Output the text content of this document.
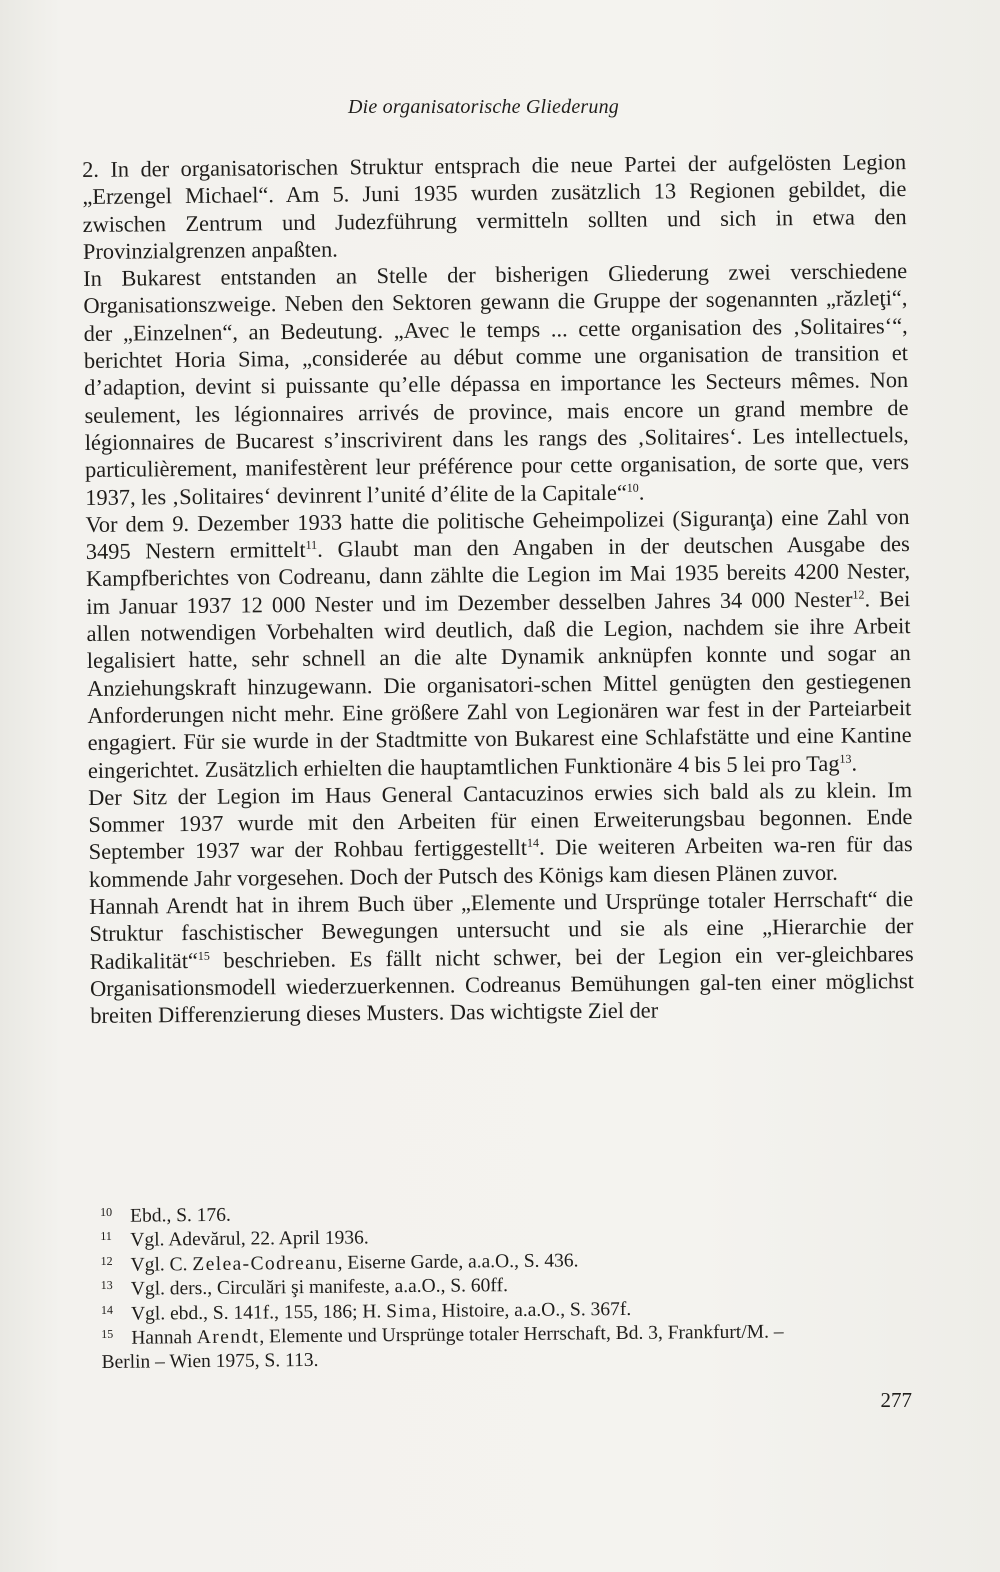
Die organisatorische Gliederung

2. In der organisatorischen Struktur entsprach die neue Partei der aufgelösten Legion „Erzengel Michael“. Am 5. Juni 1935 wurden zusätzlich 13 Regionen gebildet, die zwischen Zentrum und Judezführung vermitteln sollten und sich in etwa den Provinzialgrenzen anpaßten.

In Bukarest entstanden an Stelle der bisherigen Gliederung zwei verschiedene Organisationszweige. Neben den Sektoren gewann die Gruppe der sogenannten „răzleţi“, der „Einzelnen“, an Bedeutung. „Avec le temps ... cette organisation des ‚Solitaires‘“, berichtet Horia Sima, „considerée au début comme une organisation de transition et d’adaption, devint si puissante qu’elle dépassa en importance les Secteurs mêmes. Non seulement, les légionnaires arrivés de province, mais encore un grand membre de légionnaires de Bucarest s’inscrivirent dans les rangs des ‚Solitaires‘. Les intellectuels, particulièrement, manifestèrent leur préférence pour cette organisation, de sorte que, vers 1937, les ‚Solitaires‘ devinrent l’unité d’élite de la Capitale“$^{10}$.

Vor dem 9. Dezember 1933 hatte die politische Geheimpolizei (Siguranţa) eine Zahl von 3495 Nestern ermittelt$^{11}$. Glaubt man den Angaben in der deutschen Ausgabe des Kampfberichtes von Codreanu, dann zählte die Legion im Mai 1935 bereits 4200 Nester, im Januar 1937 12 000 Nester und im Dezember desselben Jahres 34 000 Nester$^{12}$. Bei allen notwendigen Vorbehalten wird deutlich, daß die Legion, nachdem sie ihre Arbeit legalisiert hatte, sehr schnell an die alte Dynamik anknüpfen konnte und sogar an Anziehungskraft hinzugewann. Die organisatori-schen Mittel genügten den gestiegenen Anforderungen nicht mehr. Eine größere Zahl von Legionären war fest in der Parteiarbeit engagiert. Für sie wurde in der Stadtmitte von Bukarest eine Schlafstätte und eine Kantine eingerichtet. Zusätzlich erhielten die hauptamtlichen Funktionäre 4 bis 5 lei pro Tag$^{13}$.

Der Sitz der Legion im Haus General Cantacuzinos erwies sich bald als zu klein. Im Sommer 1937 wurde mit den Arbeiten für einen Erweiterungsbau begonnen. Ende September 1937 war der Rohbau fertiggestellt$^{14}$. Die weiteren Arbeiten wa-ren für das kommende Jahr vorgesehen. Doch der Putsch des Königs kam diesen Plänen zuvor.

Hannah Arendt hat in ihrem Buch über „Elemente und Ursprünge totaler Herrschaft“ die Struktur faschistischer Bewegungen untersucht und sie als eine „Hierarchie der Radikalität“$^{15}$ beschrieben. Es fällt nicht schwer, bei der Legion ein ver-gleichbares Organisationsmodell wiederzuerkennen. Codreanus Bemühungen gal-ten einer möglichst breiten Differenzierung dieses Musters. Das wichtigste Ziel der

10 Ebd., S. 176.
11 Vgl. Adevărul, 22. April 1936.
12 Vgl. C. Zelea-Codreanu, Eiserne Garde, a.a.O., S. 436.
13 Vgl. ders., Circulări şi manifeste, a.a.O., S. 60ff.
14 Vgl. ebd., S. 141f., 155, 186; H. Sima, Histoire, a.a.O., S. 367f.
15 Hannah Arendt, Elemente und Ursprünge totaler Herrschaft, Bd. 3, Frankfurt/M. –
Berlin – Wien 1975, S. 113.
277
